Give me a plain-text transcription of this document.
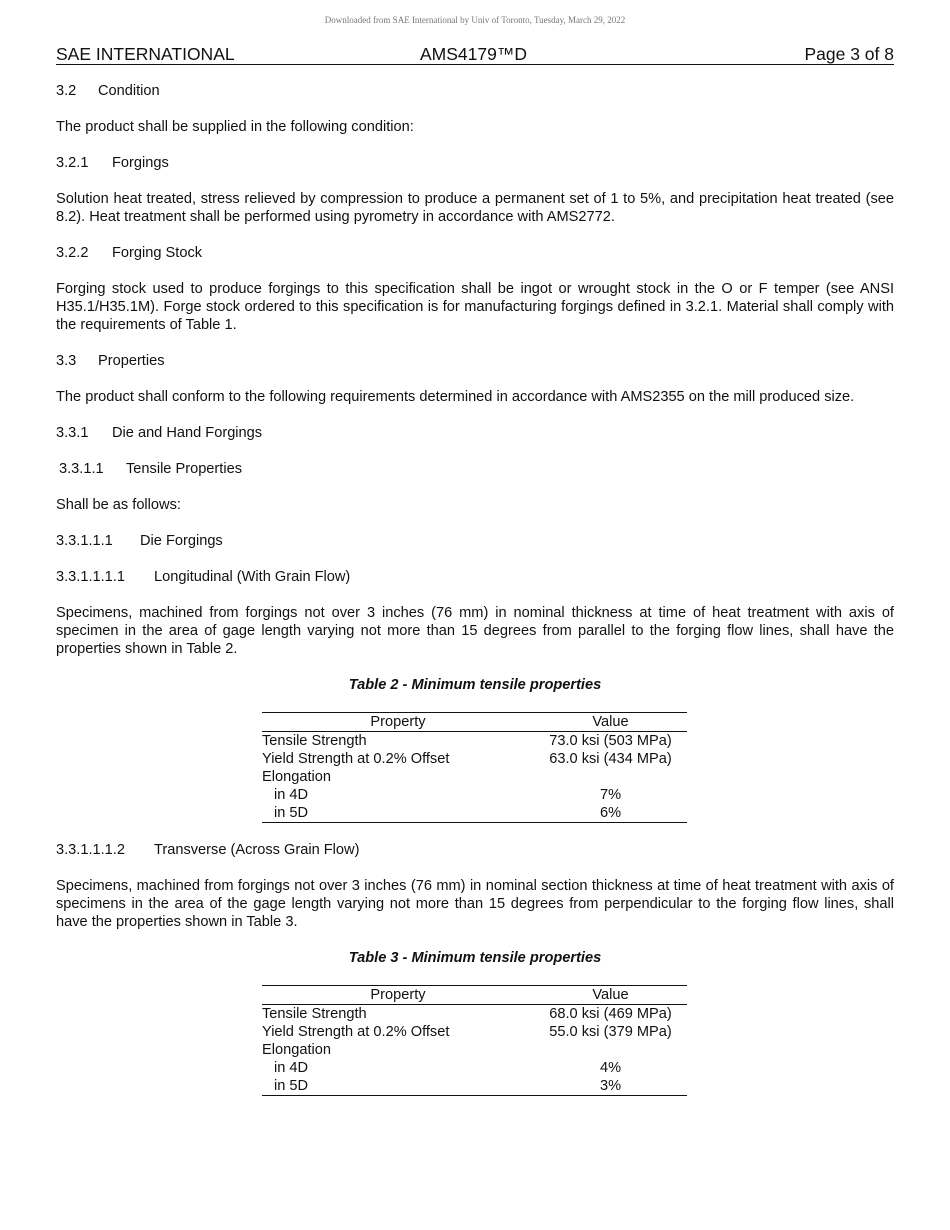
Downloaded from SAE International by Univ of Toronto, Tuesday, March 29, 2022
SAE INTERNATIONAL	AMS4179™D	Page 3 of 8

3.2 Condition

The product shall be supplied in the following condition:

3.2.1 Forgings

Solution heat treated, stress relieved by compression to produce a permanent set of 1 to 5%, and precipitation heat treated (see 8.2). Heat treatment shall be performed using pyrometry in accordance with AMS2772.

3.2.2 Forging Stock

Forging stock used to produce forgings to this specification shall be ingot or wrought stock in the O or F temper (see ANSI H35.1/H35.1M). Forge stock ordered to this specification is for manufacturing forgings defined in 3.2.1. Material shall comply with the requirements of Table 1.

3.3 Properties

The product shall conform to the following requirements determined in accordance with AMS2355 on the mill produced size.

3.3.1 Die and Hand Forgings

3.3.1.1 Tensile Properties

Shall be as follows:

3.3.1.1.1 Die Forgings

3.3.1.1.1.1 Longitudinal (With Grain Flow)

Specimens, machined from forgings not over 3 inches (76 mm) in nominal thickness at time of heat treatment with axis of specimen in the area of gage length varying not more than 15 degrees from parallel to the forging flow lines, shall have the properties shown in Table 2.

Table 2 - Minimum tensile properties

Property	Value
Tensile Strength	73.0 ksi (503 MPa)
Yield Strength at 0.2% Offset	63.0 ksi (434 MPa)
Elongation	
in 4D	7%
in 5D	6%

3.3.1.1.1.2 Transverse (Across Grain Flow)

Specimens, machined from forgings not over 3 inches (76 mm) in nominal section thickness at time of heat treatment with axis of specimens in the area of the gage length varying not more than 15 degrees from perpendicular to the forging flow lines, shall have the properties shown in Table 3.

Table 3 - Minimum tensile properties

Property	Value
Tensile Strength	68.0 ksi (469 MPa)
Yield Strength at 0.2% Offset	55.0 ksi (379 MPa)
Elongation	
in 4D	4%
in 5D	3%
